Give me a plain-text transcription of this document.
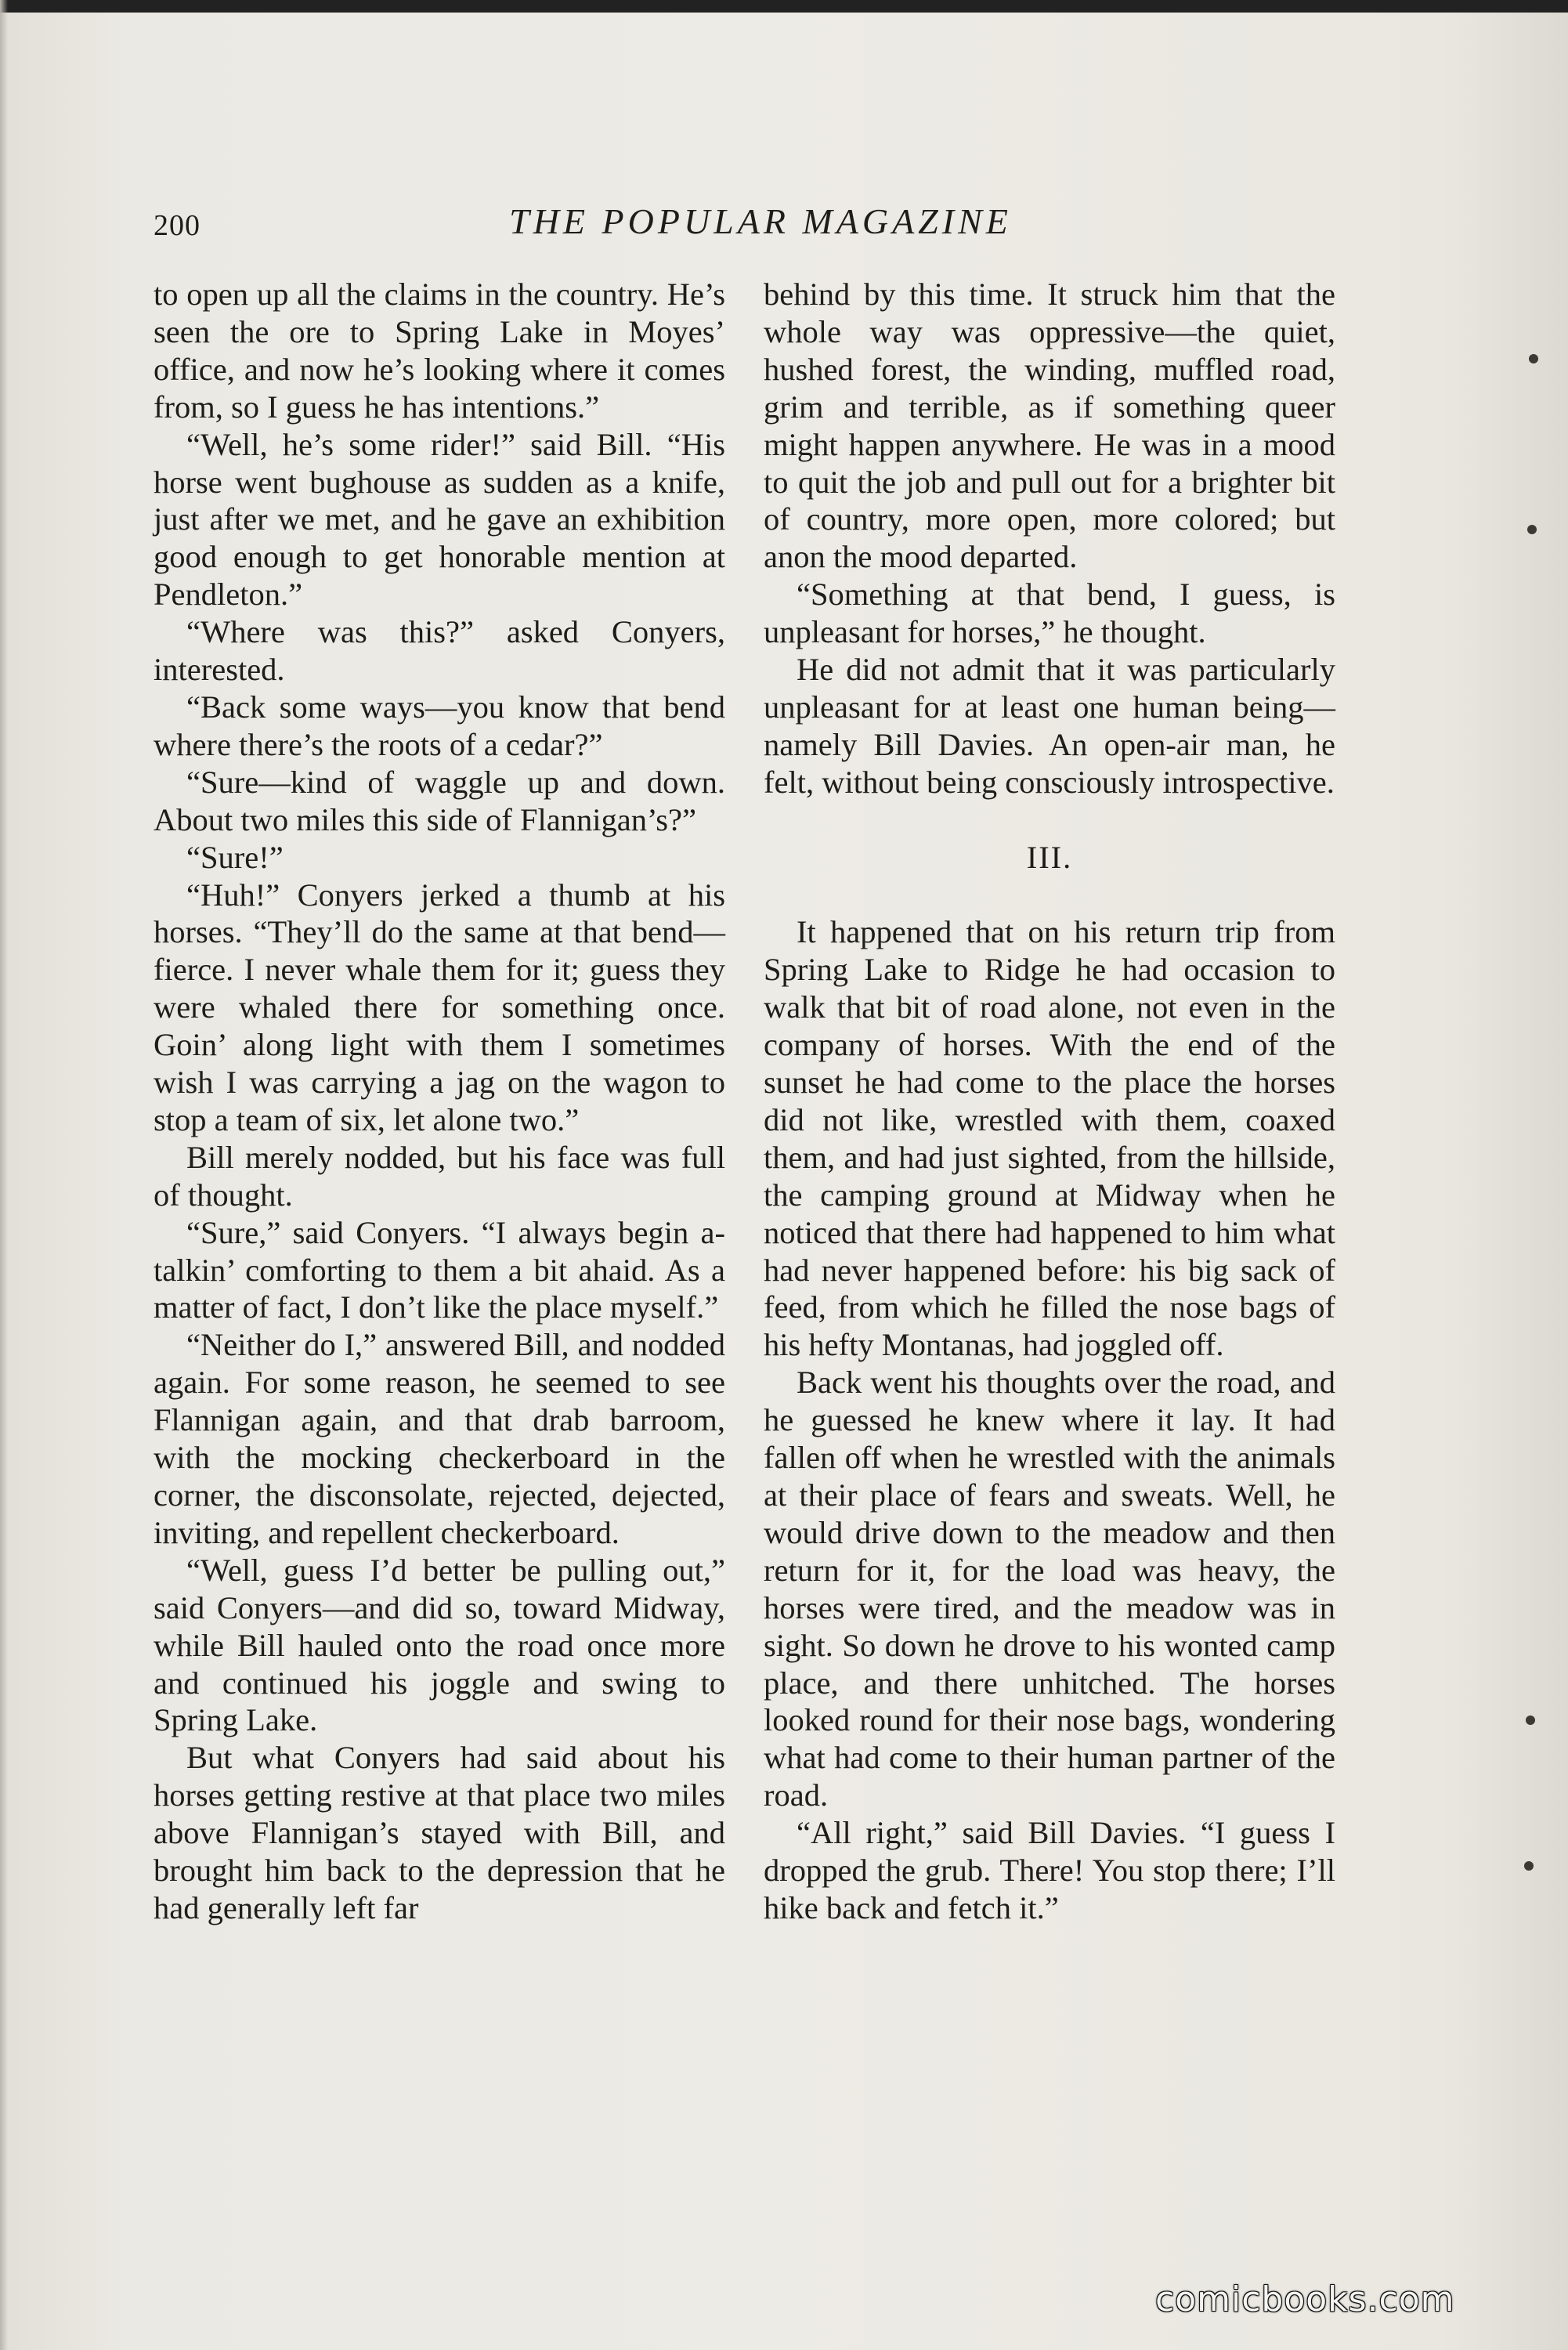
200	THE POPULAR MAGAZINE

to open up all the claims in the country. He’s seen the ore to Spring Lake in Moyes’ office, and now he’s looking where it comes from, so I guess he has intentions.”

“Well, he’s some rider!” said Bill. “His horse went bughouse as sudden as a knife, just after we met, and he gave an exhibition good enough to get honorable mention at Pendleton.”

“Where was this?” asked Conyers, interested.

“Back some ways—you know that bend where there’s the roots of a cedar?”

“Sure—kind of waggle up and down. About two miles this side of Flannigan’s?”

“Sure!”

“Huh!” Conyers jerked a thumb at his horses. “They’ll do the same at that bend—fierce. I never whale them for it; guess they were whaled there for something once. Goin’ along light with them I sometimes wish I was carrying a jag on the wagon to stop a team of six, let alone two.”

Bill merely nodded, but his face was full of thought.

“Sure,” said Conyers. “I always begin a-talkin’ comforting to them a bit ahaid. As a matter of fact, I don’t like the place myself.”

“Neither do I,” answered Bill, and nodded again. For some reason, he seemed to see Flannigan again, and that drab barroom, with the mocking checkerboard in the corner, the disconsolate, rejected, dejected, inviting, and repellent checkerboard.

“Well, guess I’d better be pulling out,” said Conyers—and did so, toward Midway, while Bill hauled onto the road once more and continued his joggle and swing to Spring Lake.

But what Conyers had said about his horses getting restive at that place two miles above Flannigan’s stayed with Bill, and brought him back to the depression that he had generally left far

behind by this time. It struck him that the whole way was oppressive—the quiet, hushed forest, the winding, muffled road, grim and terrible, as if something queer might happen anywhere. He was in a mood to quit the job and pull out for a brighter bit of country, more open, more colored; but anon the mood departed.

“Something at that bend, I guess, is unpleasant for horses,” he thought.

He did not admit that it was particularly unpleasant for at least one human being—namely Bill Davies. An open-air man, he felt, without being consciously introspective.

III.

It happened that on his return trip from Spring Lake to Ridge he had occasion to walk that bit of road alone, not even in the company of horses. With the end of the sunset he had come to the place the horses did not like, wrestled with them, coaxed them, and had just sighted, from the hillside, the camping ground at Midway when he noticed that there had happened to him what had never happened before: his big sack of feed, from which he filled the nose bags of his hefty Montanas, had joggled off.

Back went his thoughts over the road, and he guessed he knew where it lay. It had fallen off when he wrestled with the animals at their place of fears and sweats. Well, he would drive down to the meadow and then return for it, for the load was heavy, the horses were tired, and the meadow was in sight. So down he drove to his wonted camp place, and there unhitched. The horses looked round for their nose bags, wondering what had come to their human partner of the road.

“All right,” said Bill Davies. “I guess I dropped the grub. There! You stop there; I’ll hike back and fetch it.”

comicbooks.com
